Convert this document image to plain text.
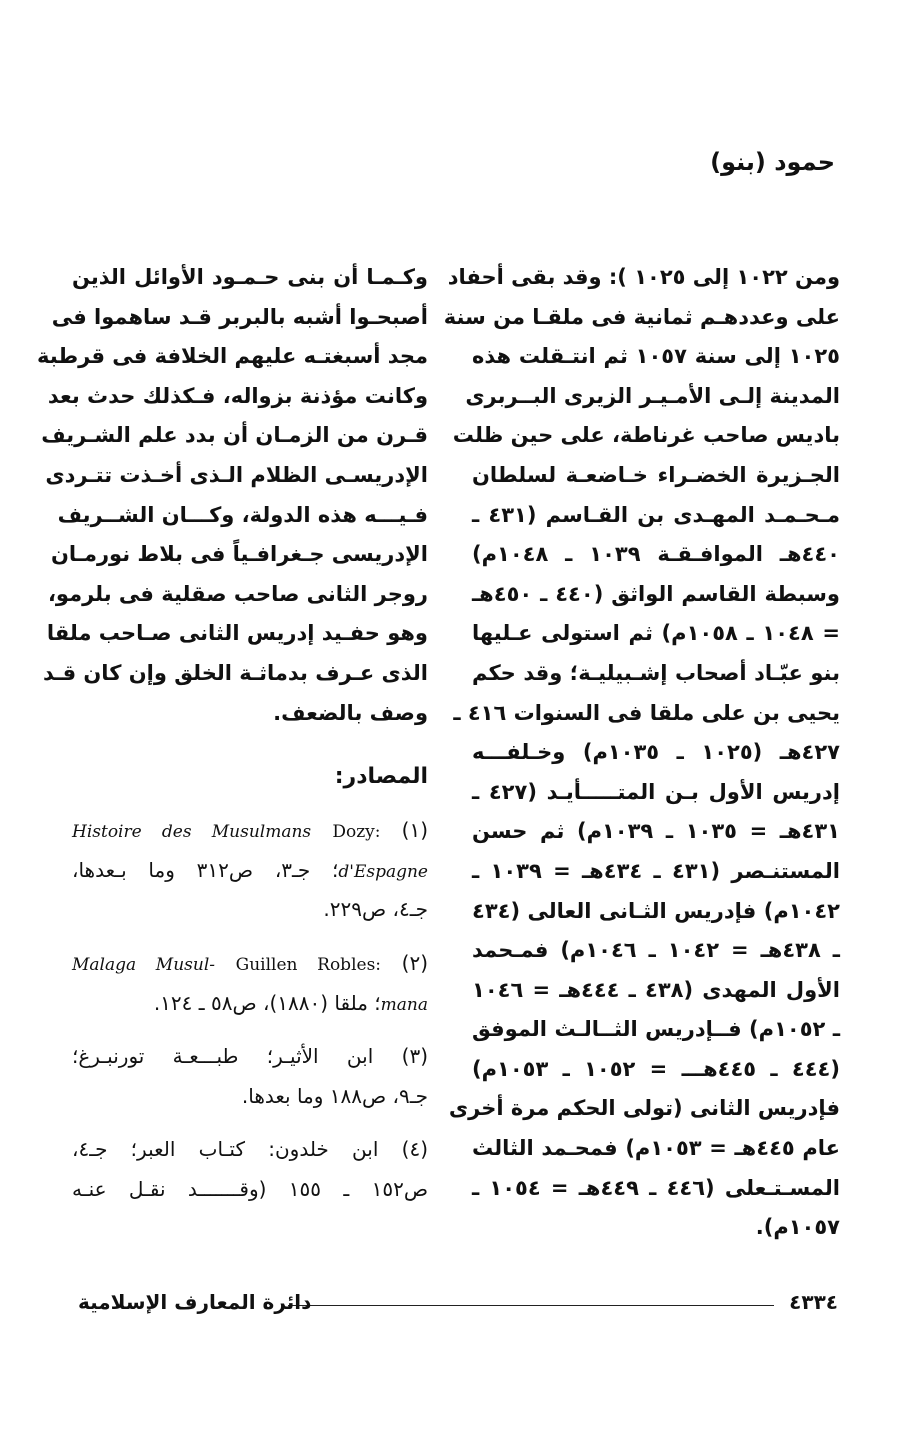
حمود (بنو)
ومن ١٠٢٢ إلى ١٠٢٥ ): وقد بقى أحفاد
على وعددهـم ثمانية فى ملقـا من سنة
١٠٢٥ إلى سنة ١٠٥٧ ثم انتـقلت هذه
المدينة إلـى الأمـيـر الزيرى البــربرى
باديس صاحب غرناطة، على حين ظلت
الجـزيرة الخضـراء خـاضعـة لسلطان
مـحـمـد المهـدى بن القـاسم (٤٣١ ـ
٤٤٠هـ الموافـقـة ١٠٣٩ ـ ١٠٤٨م)
وسبطة القاسم الواثق (٤٤٠ ـ ٤٥٠هـ
= ١٠٤٨ ـ ١٠٥٨م) ثم استولى عـليها
بنو عبّـاد أصحاب إشـبيليـة؛ وقد حكم
يحيى بن على ملقا فى السنوات ٤١٦ ـ
٤٢٧هـ (١٠٢٥ ـ ١٠٣٥م) وخـلفـــه
إدريس الأول بـن المتـــــأيـد (٤٢٧ ـ
٤٣١هـ = ١٠٣٥ ـ ١٠٣٩م) ثم حسن
المستنـصر (٤٣١ ـ ٤٣٤هـ = ١٠٣٩ ـ
١٠٤٢م) فإدريس الثـانى العالى (٤٣٤
ـ ٤٣٨هـ = ١٠٤٢ ـ ١٠٤٦م) فمـحمد
الأول المهدى (٤٣٨ ـ ٤٤٤هـ = ١٠٤٦
ـ ١٠٥٢م) فــإدريس الثــالـث الموفق
(٤٤٤ ـ ٤٤٥هـــ = ١٠٥٢ ـ ١٠٥٣م)
فإدريس الثانى (تولى الحكم مرة أخرى
عام ٤٤٥هـ = ١٠٥٣م) فمحـمد الثالث
المسـتـعلى (٤٤٦ ـ ٤٤٩هـ = ١٠٥٤ ـ
١٠٥٧م).
وكـمـا أن بنى حـمـود الأوائل الذين
أصبحـوا أشبه بالبربر قـد ساهموا فى
مجد أسبغتـه عليهم الخلافة فى قرطبة
وكانت مؤذنة بزواله، فـكذلك حدث بعد
قـرن من الزمـان أن بدد علم الشـريف
الإدريسـى الظلام الـذى أخـذت تتـردى
فـيـــه هذه الدولة، وكـــان الشــريف
الإدريسى جـغرافـياً فى بلاط نورمـان
روجر الثانى صاحب صقلية فى بلرمو،
وهو حفـيد إدريس الثانى صـاحب ملقا
الذى عـرف بدماثـة الخلق وإن كان قـد
وصف بالضعف.
المصادر:
(١) Dozy: Histoire des Musulmans
d'Espagne؛ جـ٣، ص٣١٢ وما بـعدها،
جـ٤، ص٢٢٩.
(٢) Guillen Robles: Malaga Musul-
mana؛ ملقا (١٨٨٠)، ص٥٨ ـ ١٢٤.
(٣) ابن الأثيـر؛ طبـــعـة تورنبـرغ؛
جـ٩، ص١٨٨ وما بعدها.
(٤) ابن خلدون: كتـاب العبر؛ جـ٤،
ص١٥٢ ـ ١٥٥ (وقـــــــد نقـل عنـه
٤٣٣٤
دائرة المعارف الإسلامية
